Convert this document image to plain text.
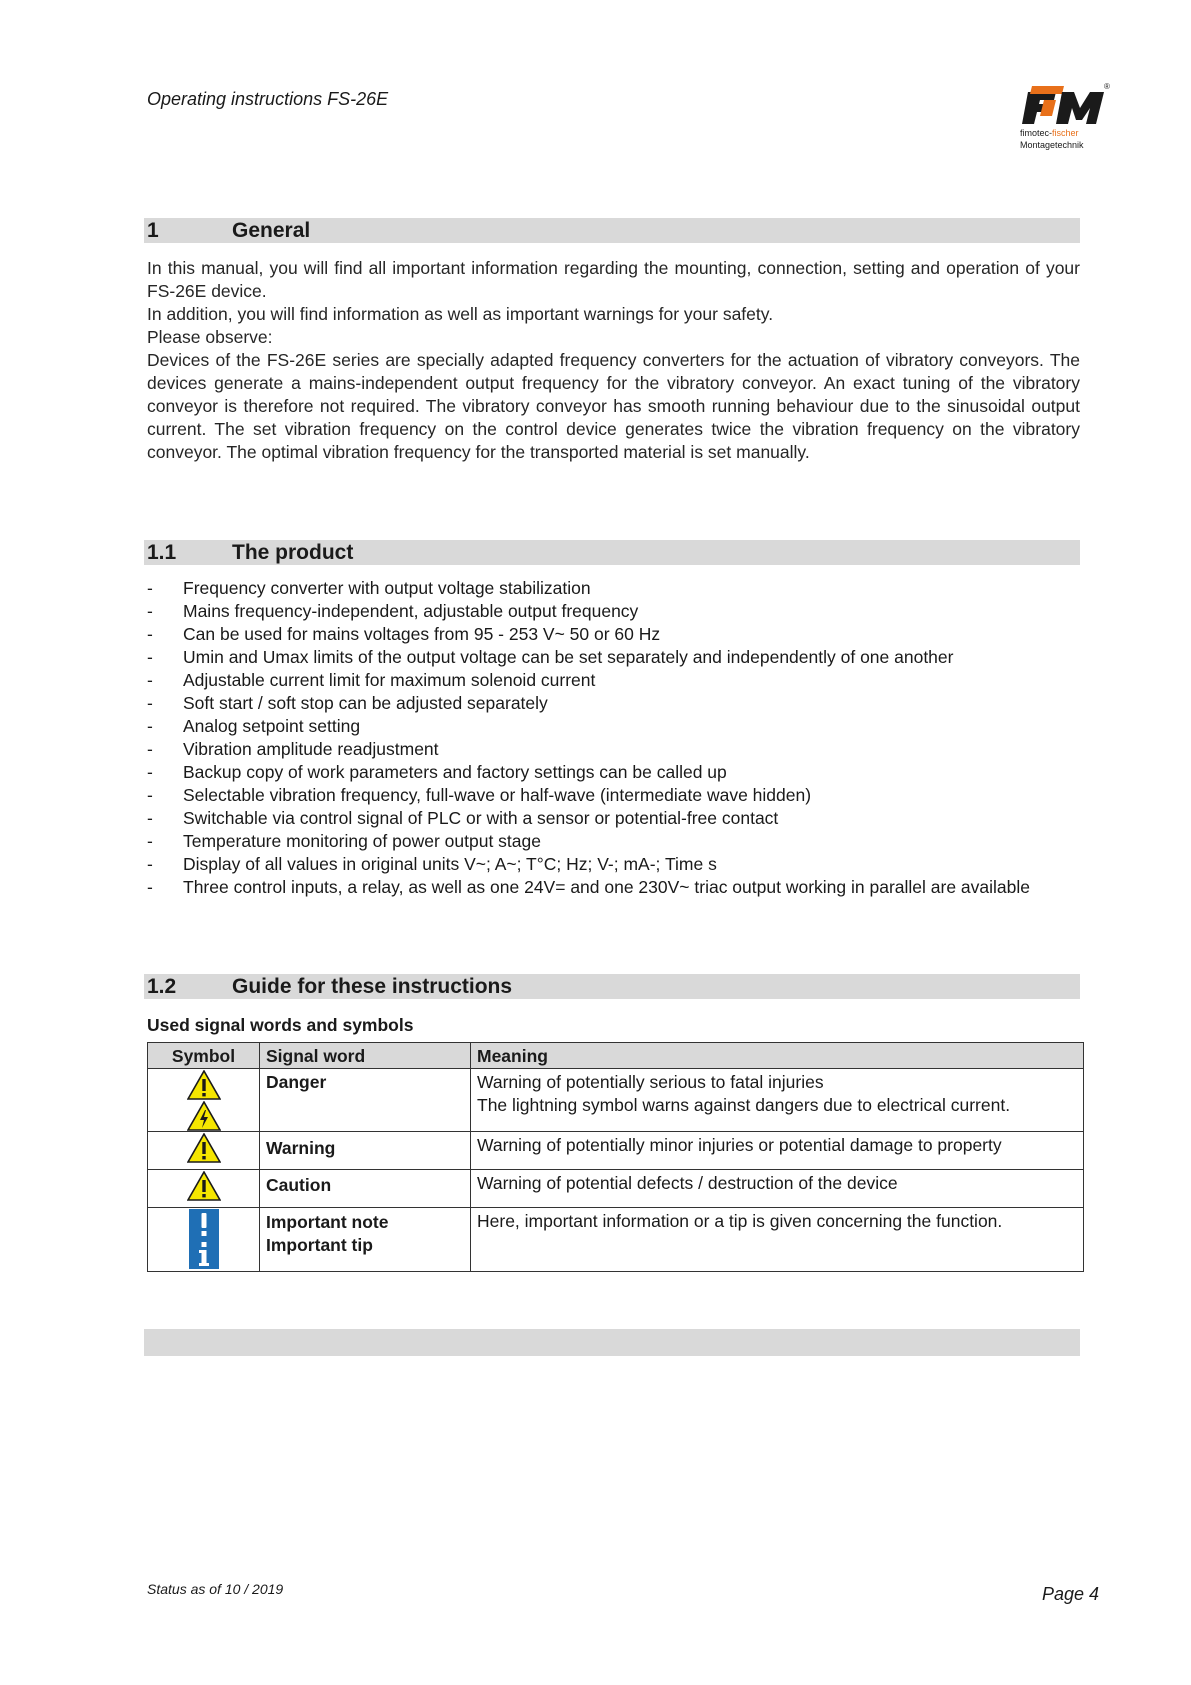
Operating instructions FS-26E
®
fimotec-fischer
Montagetechnik
1	General

In this manual, you will find all important information regarding the mounting, connection, setting and operation of your FS-26E device.

In addition, you will find information as well as important warnings for your safety.

Please observe:

Devices of the FS-26E series are specially adapted frequency converters for the actuation of vibratory conveyors. The devices generate a mains-independent output frequency for the vibratory conveyor. An exact tuning of the vibratory conveyor is therefore not required. The vibratory conveyor has smooth running behaviour due to the sinusoidal output current. The set vibration frequency on the control device generates twice the vibration frequency on the vibratory conveyor. The optimal vibration frequency for the transported material is set manually.

1.1	The product
- Frequency converter with output voltage stabilization
- Mains frequency-independent, adjustable output frequency
- Can be used for mains voltages from 95 - 253 V~ 50 or 60 Hz
- Umin and Umax limits of the output voltage can be set separately and independently of one another
- Adjustable current limit for maximum solenoid current
- Soft start / soft stop can be adjusted separately
- Analog setpoint setting
- Vibration amplitude readjustment
- Backup copy of work parameters and factory settings can be called up
- Selectable vibration frequency, full-wave or half-wave (intermediate wave hidden)
- Switchable via control signal of PLC or with a sensor or potential-free contact
- Temperature monitoring of power output stage
- Display of all values in original units V~; A~; T°C; Hz; V-; mA-; Time s
- Three control inputs, a relay, as well as one 24V= and one 230V~ triac output working in parallel are available
1.2	Guide for these instructions
Used signal words and symbols
Symbol	Signal word	Meaning

Danger	Warning of potentially serious to fatal injuries
The lightning symbol warns against dangers due to electrical current.

Warning	Warning of potentially minor injuries or potential damage to property

Caution	Warning of potential defects / destruction of the device

Important note
Important tip	Here, important information or a tip is given concerning the function.
Status as of 10 / 2019	Page 4
